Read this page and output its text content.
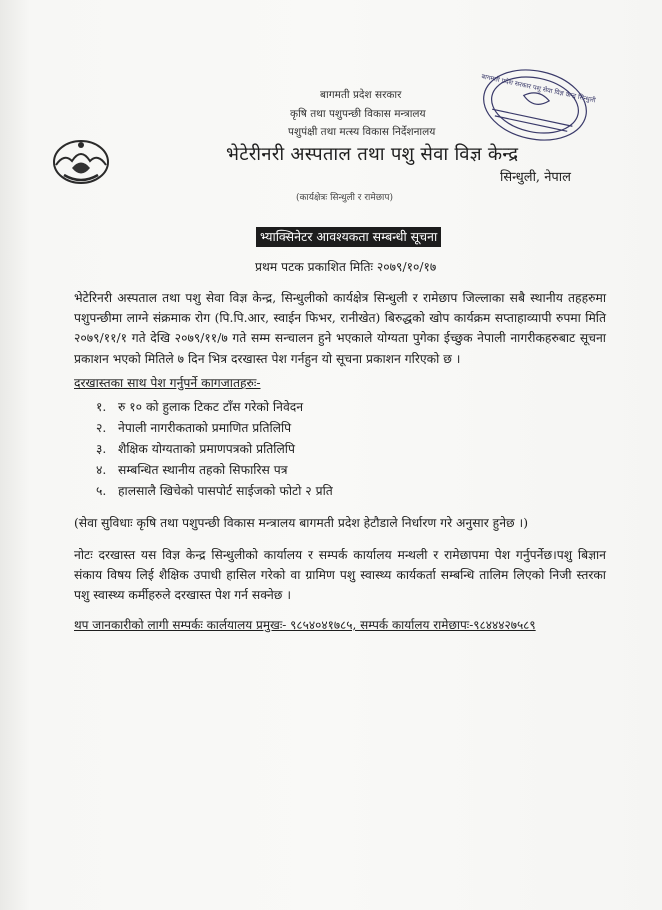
बागमती प्रदेश सरकार पशु सेवा विज्ञ केन्द्र सिन्धुली
बागमती प्रदेश सरकार
कृषि तथा पशुपन्छी विकास मन्त्रालय
पशुपंक्षी तथा मत्स्य विकास निर्देशनालय
भेटेरीनरी अस्पताल तथा पशु सेवा विज्ञ केन्द्र
सिन्धुली, नेपाल
(कार्यक्षेत्रः सिन्धुली र रामेछाप)
भ्याक्सिनेटर आवश्यकता सम्बन्धी सूचना
प्रथम पटक प्रकाशित मितिः २०७९/१०/१७
भेटेरिनरी अस्पताल तथा पशु सेवा विज्ञ केन्द्र, सिन्धुलीको कार्यक्षेत्र सिन्धुली र रामेछाप जिल्लाका सबै स्थानीय तहहरुमा पशुपन्छीमा लाग्ने संक्रमाक रोग (पि.पि.आर, स्वाईन फिभर, रानीखेत) बिरुद्धको खोप कार्यक्रम सप्ताहाव्यापी रुपमा मिति २०७९/११/१ गते देखि २०७९/११/७ गते सम्म सन्चालन हुने भएकाले योग्यता पुगेका ईच्छुक नेपाली नागरीकहरुबाट सूचना प्रकाशन भएको मितिले ७ दिन भित्र दरखास्त पेश गर्नहुन यो सूचना प्रकाशन गरिएको छ ।
दरखास्तका साथ पेश गर्नुपर्ने कागजातहरुः-
१. रु १० को हुलाक टिकट टाँस गरेको निवेदन
२. नेपाली नागरीकताको प्रमाणित प्रतिलिपि
३. शैक्षिक योग्यताको प्रमाणपत्रको प्रतिलिपि
४. सम्बन्धित स्थानीय तहको सिफारिस पत्र
५. हालसालै खिचेको पासपोर्ट साईजको फोटो २ प्रति
(सेवा सुविधाः कृषि तथा पशुपन्छी विकास मन्त्रालय बागमती प्रदेश हेटौडाले निर्धारण गरे अनुसार हुनेछ ।)
नोटः दरखास्त यस विज्ञ केन्द्र सिन्धुलीको कार्यालय र सम्पर्क कार्यालय मन्थली र रामेछापमा पेश गर्नुपर्नेछ।पशु बिज्ञान संकाय विषय लिई शैक्षिक उपाधी हासिल गरेको वा ग्रामिण पशु स्वास्थ्य कार्यकर्ता सम्बन्धि तालिम लिएको निजी स्तरका पशु स्वास्थ्य कर्मीहरुले दरखास्त पेश गर्न सक्नेछ ।
थप जानकारीको लागी सम्पर्कः कार्लयालय प्रमुखः- ९८५४०४१७८५, सम्पर्क कार्यालय रामेछापः-९८४४४२७५८९
